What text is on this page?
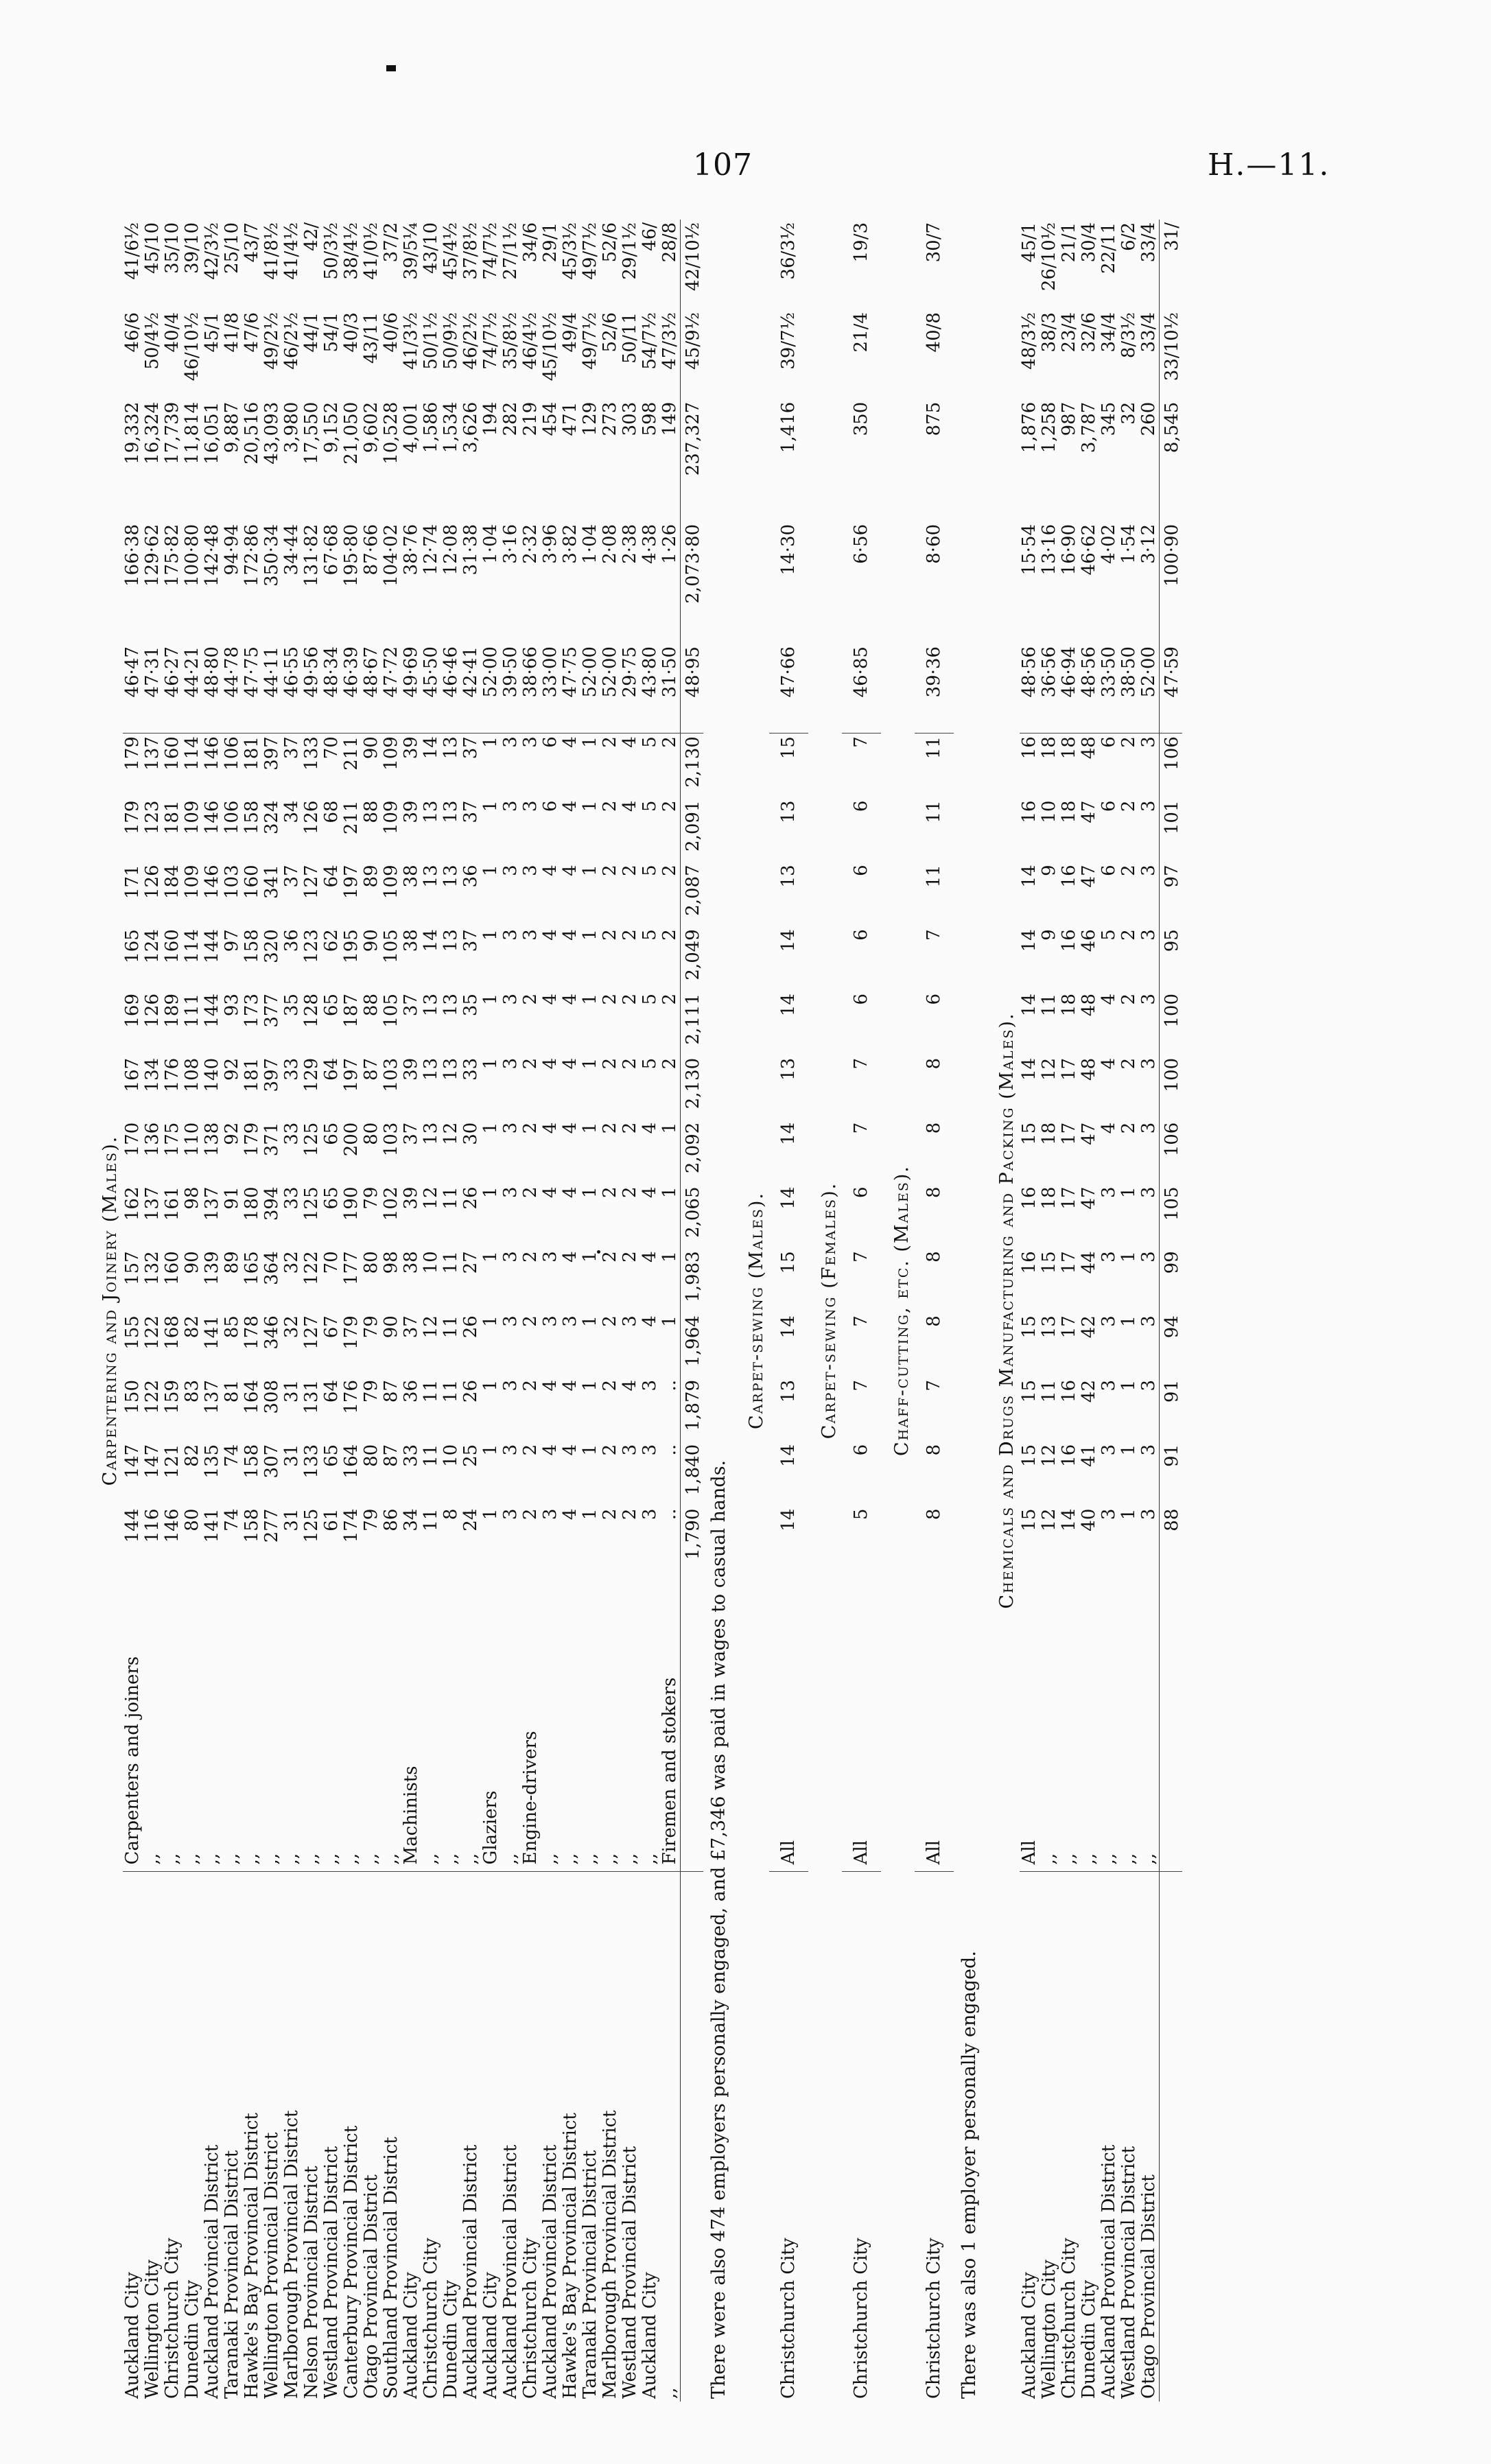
107	H.—11.
Carpentering and Joinery (Males).																			
Auckland City	Carpenters and joiners	144	147	150	155	157	162	170	167	169	165	171	179	179	46·47	166·38	19,332	46/6	41/6½
Wellington City	,,	116	147	122	122	132	137	136	134	126	124	126	123	137	47·31	129·62	16,324	50/4½	45/10
Christchurch City	,,	146	121	159	168	160	161	175	176	189	160	184	181	160	46·27	175·82	17,739	40/4	35/10
Dunedin City	,,	80	82	83	82	90	98	110	108	111	114	109	109	114	44·21	100·80	11,814	46/10½	39/10
Auckland Provincial District	,,	141	135	137	141	139	137	138	140	144	144	146	146	146	48·80	142·48	16,051	45/1	42/3½
Taranaki Provincial District	,,	74	74	81	85	89	91	92	92	93	97	103	106	106	44·78	94·94	9,887	41/8	25/10
Hawke's Bay Provincial District	,,	158	158	164	178	165	180	179	181	173	158	160	158	181	47·75	172·86	20,516	47/6	43/7
Wellington Provincial District	,,	277	307	308	346	364	394	371	397	377	320	341	324	397	44·11	350·34	43,093	49/2½	41/8½
Marlborough Provincial District	,,	31	31	31	32	32	33	33	33	35	36	37	34	37	46·55	34·44	3,980	46/2½	41/4½
Nelson Provincial District	,,	125	133	131	127	122	125	125	129	128	123	127	126	133	49·56	131·82	17,550	44/1	42/
Westland Provincial District	,,	61	65	64	67	70	65	65	64	65	62	64	68	70	48·34	67·68	9,152	54/1	50/3½
Canterbury Provincial District	,,	174	164	176	179	177	190	200	197	187	195	197	211	211	46·39	195·80	21,050	40/3	38/4½
Otago Provincial District	,,	79	80	79	79	80	79	80	87	88	90	89	88	90	48·67	87·66	9,602	43/11	41/0½
Southland Provincial District	,,	86	87	87	90	98	102	103	103	105	105	109	109	109	47·72	104·02	10,528	40/6	37/2
Auckland City	Machinists	34	33	36	37	38	39	37	39	37	38	38	39	39	49·69	38·76	4,001	41/3½	39/5¼
Christchurch City	,,	11	11	11	12	10	12	13	13	13	14	13	13	14	45·50	12·74	1,586	50/1½	43/10
Dunedin City	,,	8	10	11	11	11	11	12	13	13	13	13	13	13	46·46	12·08	1,534	50/9½	45/4½
Auckland Provincial District	,,	24	25	26	26	27	26	30	33	35	37	36	37	37	42·41	31·38	3,626	46/2½	37/8½
Auckland City	Glaziers	1	1	1	1	1	1	1	1	1	1	1	1	1	52·00	1·04	194	74/7½	74/7½
Auckland Provincial District	,,	3	3	3	3	3	3	3	3	3	3	3	3	3	39·50	3·16	282	35/8½	27/1½
Christchurch City	Engine-drivers	2	2	2	2	2	2	2	2	2	3	3	3	3	38·66	2·32	219	46/4½	34/6
Auckland Provincial District	,,	3	4	4	3	3	4	4	4	4	4	4	6	6	33·00	3·96	454	45/10½	29/1
Hawke's Bay Provincial District	,,	4	4	4	3	4	4	4	4	4	4	4	4	4	47·75	3·82	471	49/4	45/3½
Taranaki Provincial District	,,	1	1	1	1	1	1	1	1	1	1	1	1	1	52·00	1·04	129	49/7½	49/7½
Marlborough Provincial District	,,	2	2	2	2	2	2	2	2	2	2	2	2	2	52·00	2·08	273	52/6	52/6
Westland Provincial District	,,	2	3	4	3	2	2	2	2	2	2	2	4	4	29·75	2·38	303	50/11	29/1½
Auckland City	,,	3	3	3	4	4	4	4	5	5	5	5	5	5	43·80	4·38	598	54/7½	46/
,,	Firemen and stokers	..	..	..	1	1	1	1	2	2	2	2	2	2	31·50	1·26	149	47/3½	28/8
		1,790	1,840	1,879	1,964	1,983	2,065	2,092	2,130	2,111	2,049	2,087	2,091	2,130	48·95	2,073·80	237,327	45/9½	42/10½
There were also 474 employers personally engaged, and £7,346 was paid in wages to casual hands.																			
Carpet-sewing (Males).																			
Christchurch City	All	14	14	13	14	15	14	14	13	14	14	13	13	15	47·66	14·30	1,416	39/7½	36/3½
Carpet-sewing (Females).																			
Christchurch City	All	5	6	7	7	7	6	7	7	6	6	6	6	7	46·85	6·56	350	21/4	19/3
Chaff-cutting, etc. (Males).																			
Christchurch City	All	8	8	7	8	8	8	8	8	6	7	11	11	11	39·36	8·60	875	40/8	30/7
There was also 1 employer personally engaged.																			
Chemicals and Drugs Manufacturing and Packing (Males).																			
Auckland City	All	15	15	15	15	16	16	15	14	14	14	14	16	16	48·56	15·54	1,876	48/3½	45/1
Wellington City	,,	12	12	11	13	15	18	18	12	11	9	9	10	18	36·56	13·16	1,258	38/3	26/10½
Christchurch City	,,	14	16	16	17	17	17	17	17	18	16	16	18	18	46·94	16·90	987	23/4	21/1
Dunedin City	,,	40	41	42	42	44	47	47	48	48	46	47	47	48	48·56	46·62	3,787	32/6	30/4
Auckland Provincial District	,,	3	3	3	3	3	3	4	4	4	5	6	6	6	33·50	4·02	345	34/4	22/11
Westland Provincial District	,,	1	1	1	1	1	1	2	2	2	2	2	2	2	38·50	1·54	32	8/3½	6/2
Otago Provincial District	,,	3	3	3	3	3	3	3	3	3	3	3	3	3	52·00	3·12	260	33/4	33/4
		88	91	91	94	99	105	106	100	100	95	97	101	106	47·59	100·90	8,545	33/10½	31/
